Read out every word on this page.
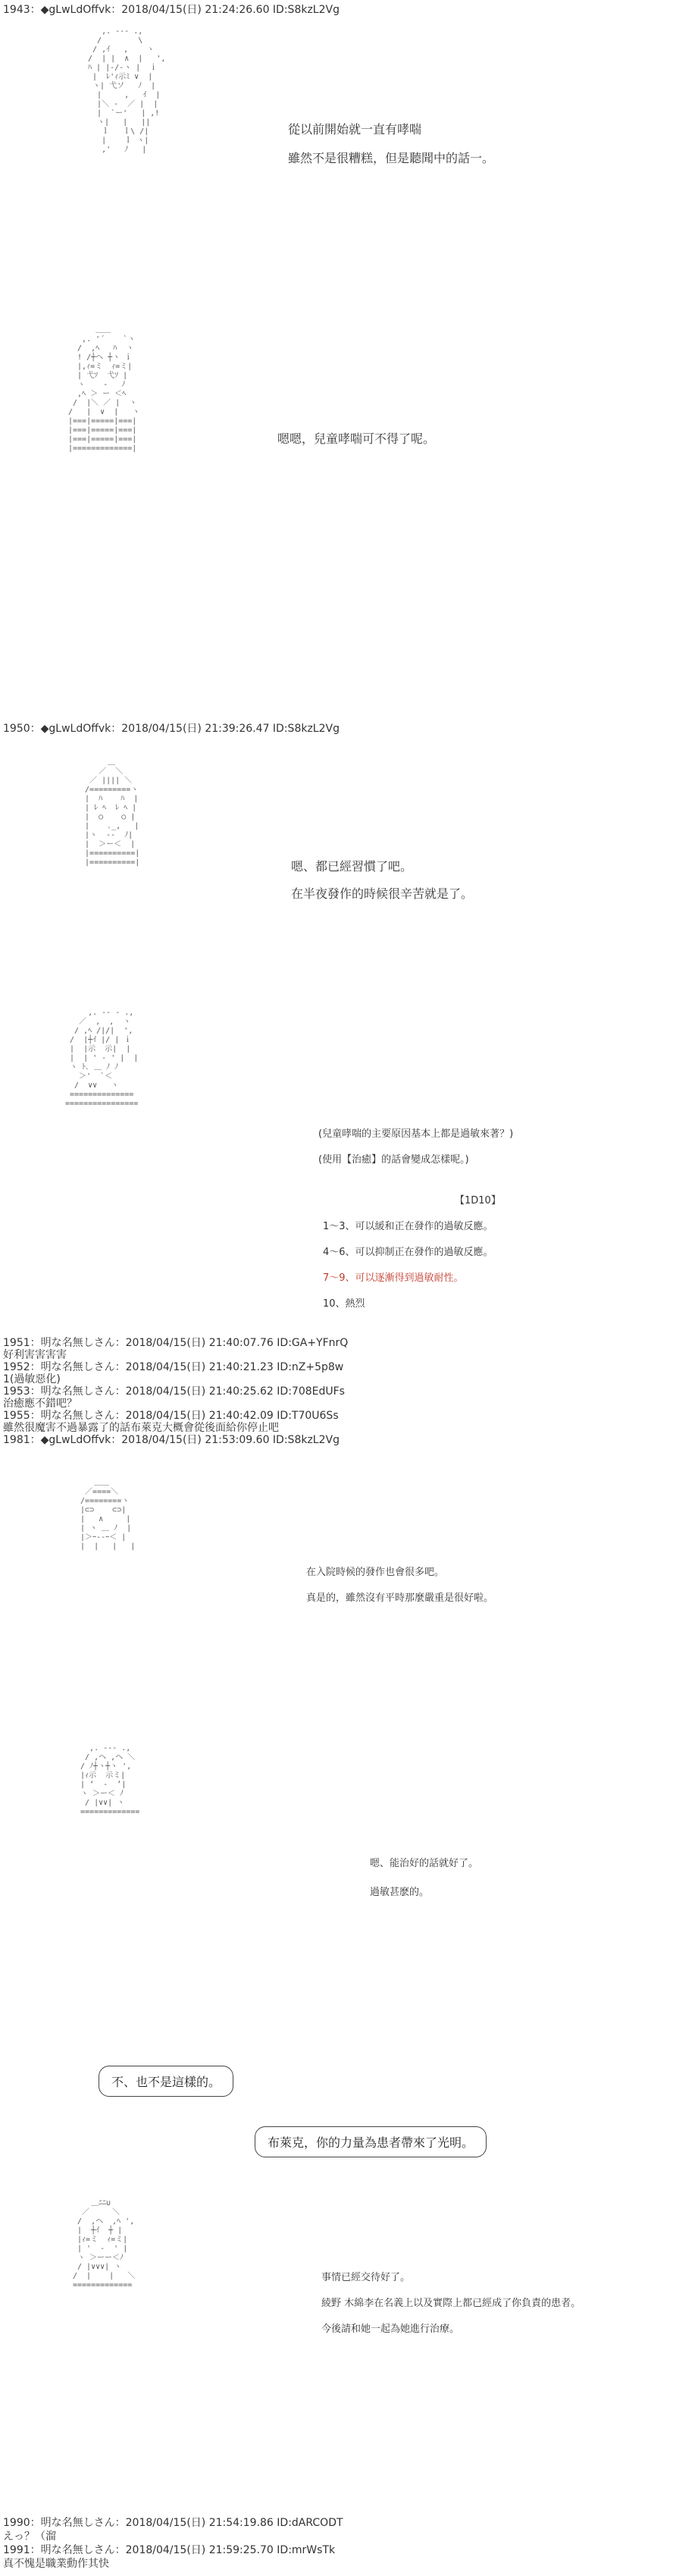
1943：◆gLwLdOffvk：2018/04/15(日) 21:24:26.60 ID:S8kzL2Vg
,. -‐- .,
/        \
/ ,ｲ   ,    ヽ
/  | |  ∧  |   ',
ﾊ | |-/‐ヽ |  ｉ
|  ﾚ'ｨ示ﾐ ∨  |
ヽ| 弋ソ   ﾉ  |
|     ,   ｲ  |
|＼ ‐  ／ |  |
|  `ー'   | ,!
ヽ|   |   ||
ｌ   ｌ\ /|
|    ｌ ヽ|
,'   ﾉ   |
從以前開始就一直有哮喘
雖然不是很糟糕，但是聽聞中的話一。
＿＿
,. '´    `ヽ
/  ,ﾍ   ﾊ  ヽ
! /┼ヘ ┼ヽ ｉ
|,ｨ=ミ  ｨ=ミ|
| 弋ｿ  弋ｿ |
ヽ    ‐   ﾉ
,ﾍ ＞ ー ＜ﾍ
/  |＼ ／ |  ヽ
/   |  ∨  |   ヽ
|===|=====|===|
|===|=====|===|
|===|=====|===|
|=============|
嗯嗯，兒童哮喘可不得了呢。
1950：◆gLwLdOffvk：2018/04/15(日) 21:39:26.47 ID:S8kzL2Vg
＿
／  ＼
／ |||| ＼
/=========ヽ
|  ﾊ    ﾊ  |
| ﾚ ﾍ  ﾚ ﾍ |
|  ○    ○ |
|    ､_,   |
|ヽ  ‐‐  ﾉ|
|  ＞ー＜  |
|==========|
|==========|	嗯、都已經習慣了吧。
在半夜發作的時候很辛苦就是了。
,. -‐ - .,
／  ,  ,  ヽ
/ ,ﾍ /|/|  ',
/  |┼ｲ |/ | ｉ
|  |示  示|  |
|  | ' ‐ ' |  |
ヽ ﾄ､ ＿ ﾉ ﾉ
＞'  `＜
/  ∨∨   ヽ
==============
================
(兒童哮喘的主要原因基本上都是過敏來著？)
(使用【治癒】的話會變成怎樣呢。)
【1D10】
1～3、可以緩和正在發作的過敏反應。
4～6、可以抑制正在發作的過敏反應。
7～9、可以逐漸得到過敏耐性。
10、熱烈
1951：明な名無しさん：2018/04/15(日) 21:40:07.76 ID:GA+YFnrQ
好利害害害害
1952：明な名無しさん：2018/04/15(日) 21:40:21.23 ID:nZ+5p8w
1(過敏惡化)
1953：明な名無しさん：2018/04/15(日) 21:40:25.62 ID:708EdUFs
治癒應不錯吧？
1955：明な名無しさん：2018/04/15(日) 21:40:42.09 ID:T70U6Ss
雖然很魔害不過暴露了的話布萊克大概會從後面給你停止吧
1981：◆gLwLdOffvk：2018/04/15(日) 21:53:09.60 ID:S8kzL2Vg
＿＿
／====＼
/========ヽ
|⊂⊃    ⊂⊃|
|   ∧     |
| ヽ ＿ ﾉ  |
|＞ｰ--ｰ＜ |
|  |   |   |
在入院時候的發作也會很多吧。
真是的，雖然沒有平時那麼嚴重是很好啦。
,. -‐- .,
/ ,ヘ ,ヘ ＼
/ ﾉ┼ヽ┼ヽ ',
|ｨ示  示ミ|
| ‘  -  ’|
ヽ ＞ー＜ ﾉ
/ |∨∨| ヽ
=============
嗯、能治好的話就好了。
過敏甚麽的。
不、也不是這樣的。
布萊克，你的力量為患者帶來了光明。
＿ﾆﾆ∪
／     ＼
/  ,ヘ  ,ﾍ ',
|  ┼ｲ  ┼ |
|ｨ=ミ  ｨ=ミ|
| '  ‐  ' |
ヽ ＞ーー＜ﾉ
/ |∨∨∨| ヽ
/  |    |   ＼
=============
事情已經交待好了。
綾野 木綿李在名義上以及實際上都已經成了你負責的患者。
今後請和她一起為她進行治療。
1990：明な名無しさん：2018/04/15(日) 21:54:19.86 ID:dARCODT
えっ？（溜
1991：明な名無しさん：2018/04/15(日) 21:59:25.70 ID:mrWsTk
真不愧是職業動作其快
